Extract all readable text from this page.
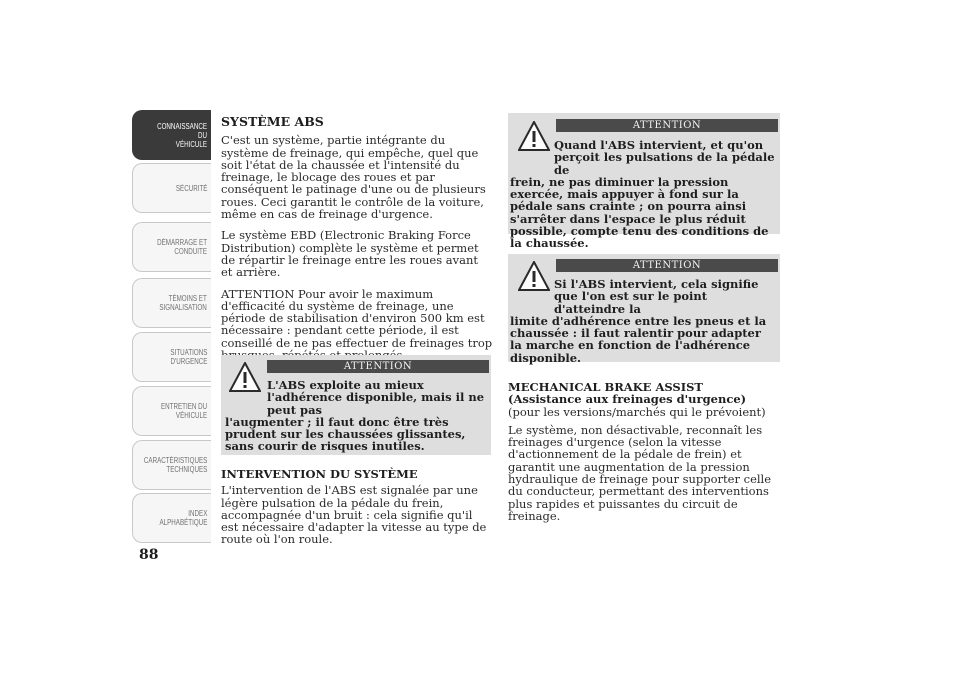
CONNAISSANCE DU
VÉHICULE
SÉCURITÉ
DÉMARRAGE ET
CONDUITE
TÉMOINS ET
SIGNALISATION
SITUATIONS
D'URGENCE
ENTRETIEN DU
VÉHICULE
CARACTÉRISTIQUES
TECHNIQUES
INDEX
ALPHABÉTIQUE
88
SYSTÈME ABS

C'est un système, partie intégrante du système de freinage, qui empêche, quel que soit l'état de la chaussée et l'intensité du freinage, le blocage des roues et par conséquent le patinage d'une ou de plusieurs roues. Ceci garantit le contrôle de la voiture, même en cas de freinage d'urgence.

Le système EBD (Electronic Braking Force Distribution) complète le système et permet de répartir le freinage entre les roues avant et arrière.

ATTENTION Pour avoir le maximum d'efficacité du système de freinage, une période de stabilisation d'environ 500 km est nécessaire : pendant cette période, il est conseillé de ne pas effectuer de freinages trop

ATTENTION
L'ABS exploite au mieux l'adhérence disponible, mais il ne peut pas
l'augmenter ; il faut donc être très prudent sur les chaussées glissantes, sans courir de risques inutiles.
INTERVENTION DU SYSTÈME

L'intervention de l'ABS est signalée par une légère pulsation de la pédale du frein, accompagnée d'un bruit : cela signifie qu'il est nécessaire d'adapter la vitesse au type de route où l'on roule.

ATTENTION
Quand l'ABS intervient, et qu'on perçoit les pulsations de la pédale de
frein, ne pas diminuer la pression exercée, mais appuyer à fond sur la pédale sans crainte ; on pourra ainsi s'arrêter dans l'espace le plus réduit possible, compte tenu des conditions de la chaussée.
ATTENTION
Si l'ABS intervient, cela signifie que l'on est sur le point d'atteindre la
limite d'adhérence entre les pneus et la chaussée : il faut ralentir pour adapter la marche en fonction de l'adhérence disponible.
MECHANICAL BRAKE ASSIST (Assistance aux freinages d'urgence)

(pour les versions/marchés qui le prévoient)

Le système, non désactivable, reconnaît les freinages d'urgence (selon la vitesse d'actionnement de la pédale de frein) et garantit une augmentation de la pression hydraulique de freinage pour supporter celle du conducteur, permettant des interventions plus rapides et puissantes du circuit de freinage.
